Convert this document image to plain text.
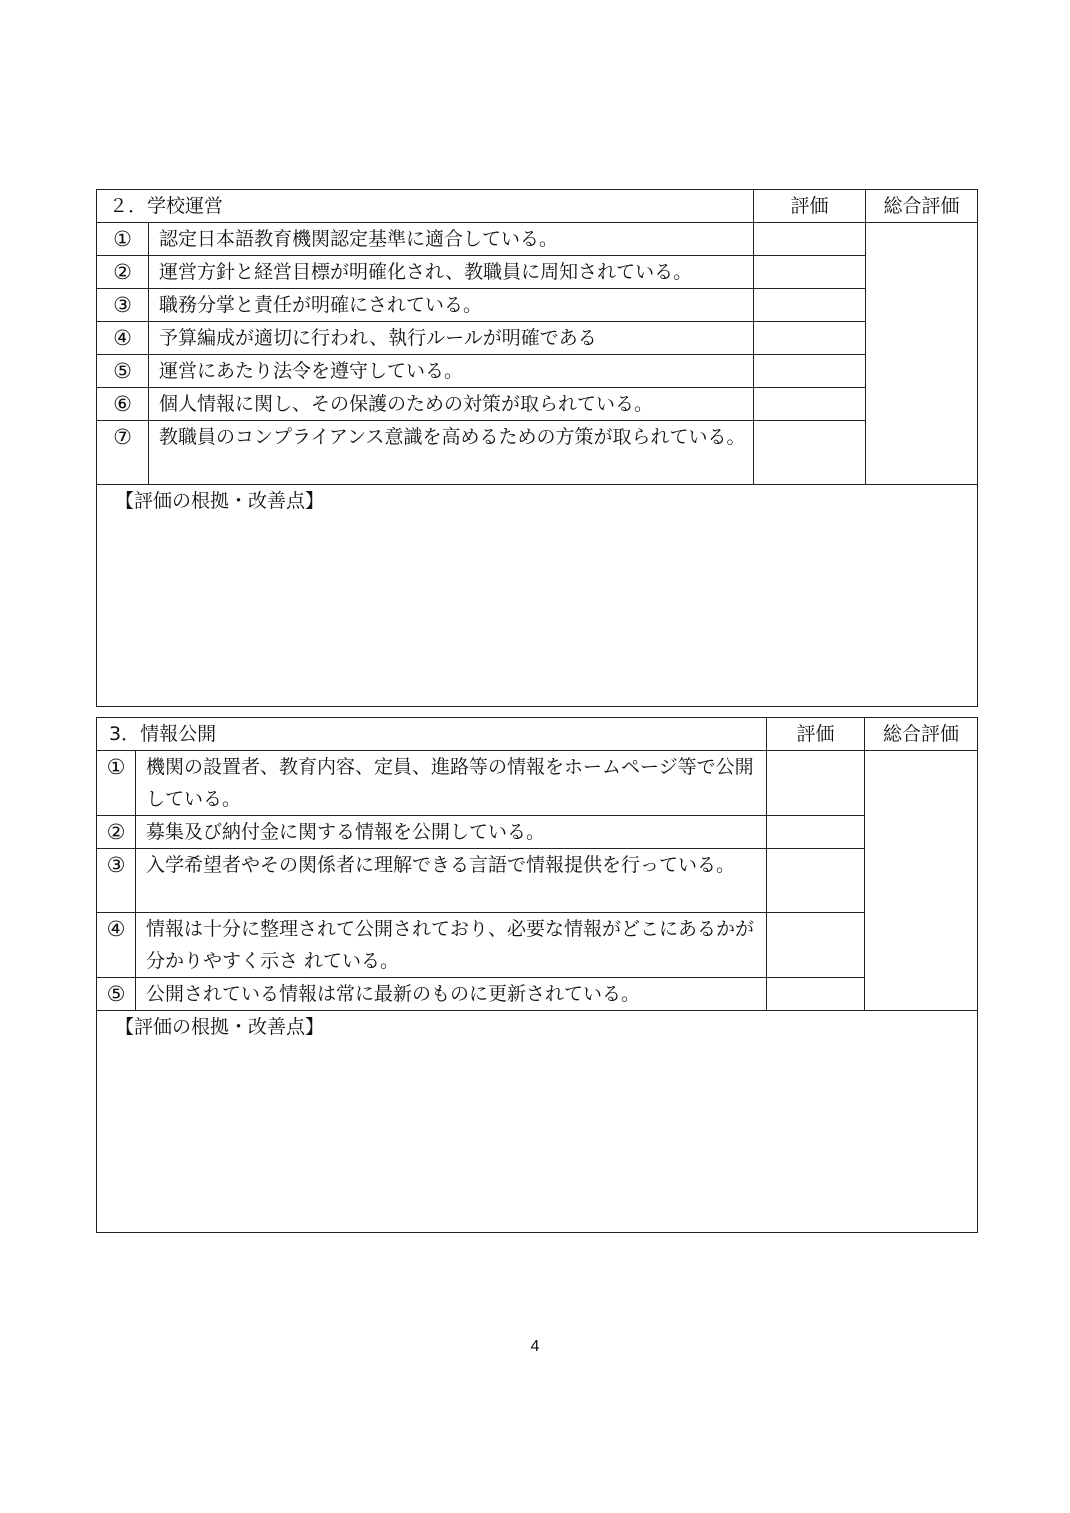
２．学校運営		評価	総合評価
①	認定日本語教育機関認定基準に適合している。		
②	運営方針と経営目標が明確化され、教職員に周知されている。		
③	職務分掌と責任が明確にされている。		
④	予算編成が適切に行われ、執行ルールが明確である		
⑤	運営にあたり法令を遵守している。		
⑥	個人情報に関し、その保護のための対策が取られている。		
⑦	教職員のコンプライアンス意識を高めるための方策が取られている。		

【評価の根拠・改善点】			
3．情報公開		評価	総合評価
①	機関の設置者、教育内容、定員、進路等の情報をホームページ等で公開している。		
②	募集及び納付金に関する情報を公開している。		
③	入学希望者やその関係者に理解できる言語で情報提供を行っている。		
④	情報は十分に整理されて公開されており、必要な情報がどこにあるかが分かりやすく示さ れている。		
⑤	公開されている情報は常に最新のものに更新されている。		

【評価の根拠・改善点】			
4
